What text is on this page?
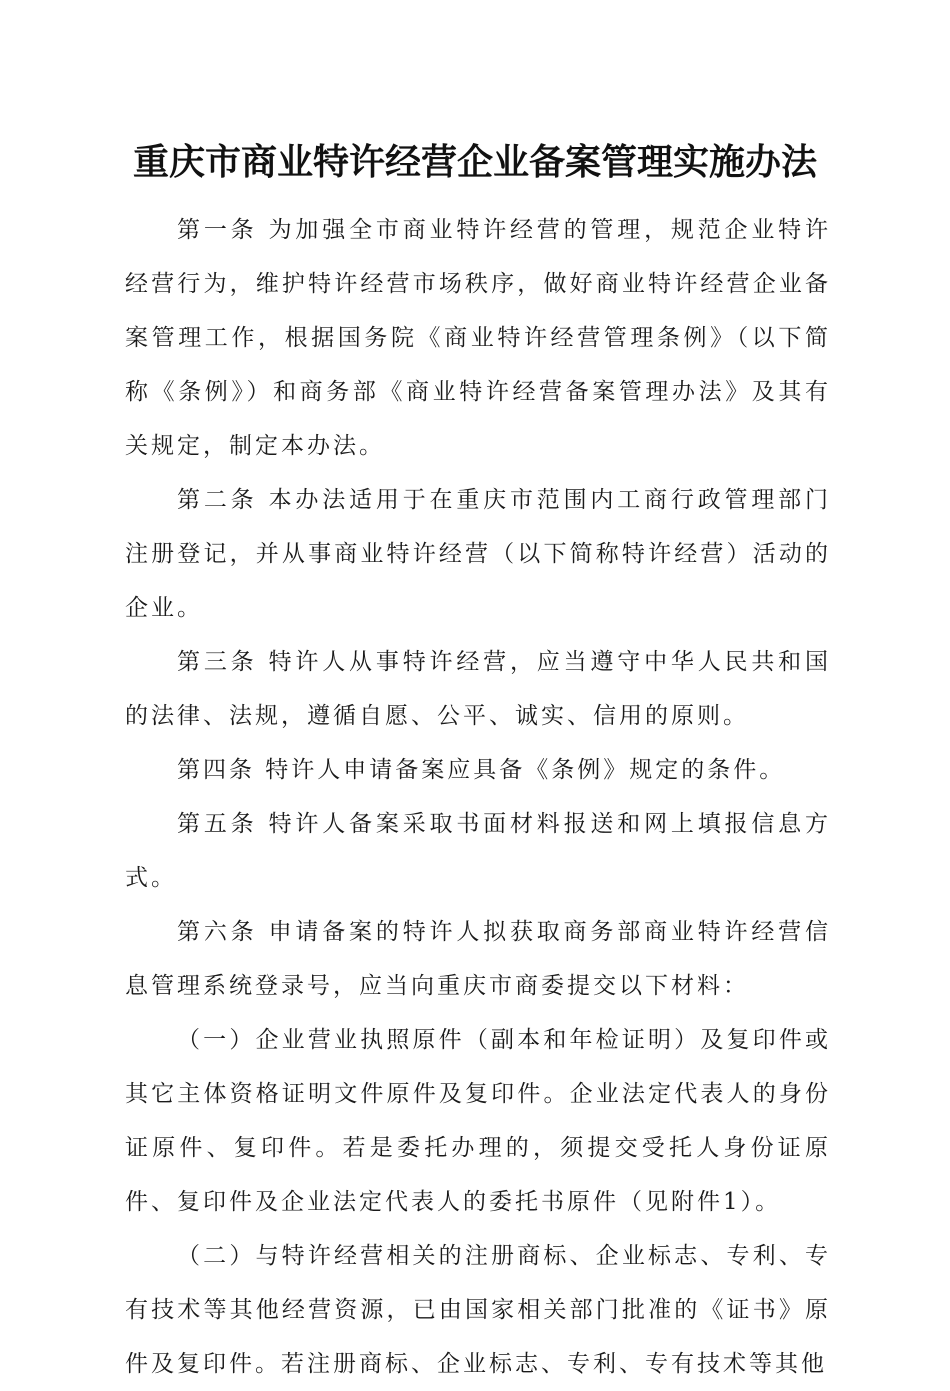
重庆市商业特许经营企业备案管理实施办法

第一条 为加强全市商业特许经营的管理，规范企业特许经营行为，维护特许经营市场秩序，做好商业特许经营企业备案管理工作，根据国务院《商业特许经营管理条例》（以下简称《条例》）和商务部《商业特许经营备案管理办法》及其有关规定，制定本办法。

第二条 本办法适用于在重庆市范围内工商行政管理部门注册登记，并从事商业特许经营（以下简称特许经营）活动的企业。

第三条 特许人从事特许经营，应当遵守中华人民共和国的法律、法规，遵循自愿、公平、诚实、信用的原则。

第四条 特许人申请备案应具备《条例》规定的条件。

第五条 特许人备案采取书面材料报送和网上填报信息方式。

第六条 申请备案的特许人拟获取商务部商业特许经营信息管理系统登录号，应当向重庆市商委提交以下材料：

（一）企业营业执照原件（副本和年检证明）及复印件或其它主体资格证明文件原件及复印件。企业法定代表人的身份证原件、复印件。若是委托办理的，须提交受托人身份证原件、复印件及企业法定代表人的委托书原件（见附件1）。

（二）与特许经营相关的注册商标、企业标志、专利、专有技术等其他经营资源，已由国家相关部门批准的《证书》原件及复印件。若注册商标、企业标志、专利、专有技术等其他
